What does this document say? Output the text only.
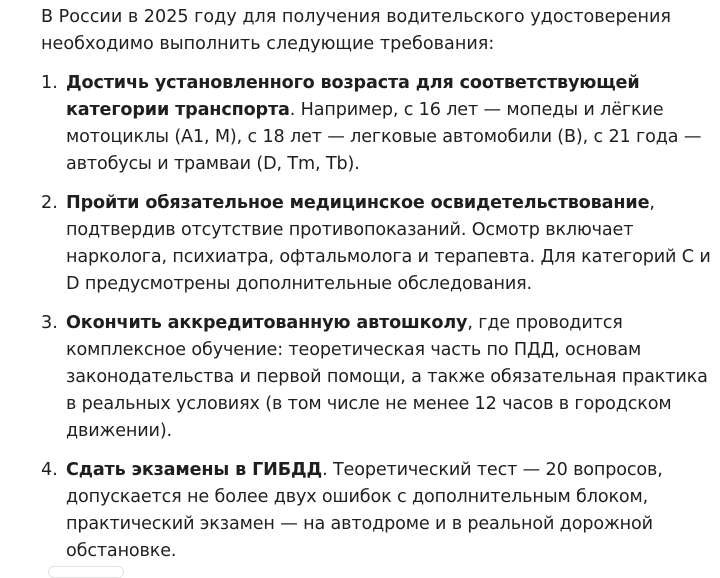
В России в 2025 году для получения водительского удостоверения необходимо выполнить следующие требования:

1. Достичь установленного возраста для соответствующей категории транспорта. Например, с 16 лет — мопеды и лёгкие мотоциклы (A1, M), с 18 лет — легковые автомобили (B), с 21 года — автобусы и трамваи (D, Tm, Tb).
2. Пройти обязательное медицинское освидетельствование, подтвердив отсутствие противопоказаний. Осмотр включает нарколога, психиатра, офтальмолога и терапевта. Для категорий C и D предусмотрены дополнительные обследования.
3. Окончить аккредитованную автошколу, где проводится комплексное обучение: теоретическая часть по ПДД, основам законодательства и первой помощи, а также обязательная практика в реальных условиях (в том числе не менее 12 часов в городском движении).
4. Сдать экзамены в ГИБДД. Теоретический тест — 20 вопросов, допускается не более двух ошибок с дополнительным блоком, практический экзамен — на автодроме и в реальной дорожной обстановке.
